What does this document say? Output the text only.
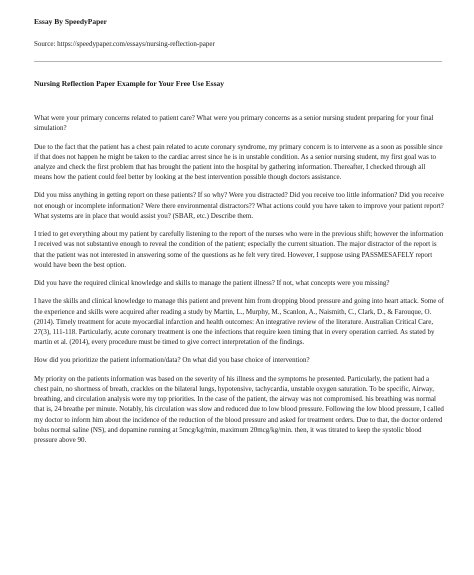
Essay By SpeedyPaper
Source: https://speedypaper.com/essays/nursing-reflection-paper
Nursing Reflection Paper Example for Your Free Use Essay

What were your primary concerns related to patient care? What were you primary concerns as a senior nursing student preparing for your final simulation?

Due to the fact that the patient has a chest pain related to acute coronary syndrome, my primary concern is to intervene as a soon as possible since if that does not happen he might be taken to the cardiac arrest since he is in unstable condition. As a senior nursing student, my first goal was to analyze and check the first problem that has brought the patient into the hospital by gathering information. Thereafter, I checked through all means how the patient could feel better by looking at the best intervention possible though doctors assistance.

Did you miss anything in getting report on these patients? If so why? Were you distracted? Did you receive too little information? Did you receive not enough or incomplete information? Were there environmental distractors?? What actions could you have taken to improve your patient report? What systems are in place that would assist you? (SBAR, etc.) Describe them.

I tried to get everything about my patient by carefully listening to the report of the nurses who were in the previous shift; however the information I received was not substantive enough to reveal the condition of the patient; especially the current situation. The major distractor of the report is that the patient was not interested in answering some of the questions as he felt very tired. However, I suppose using PASSMESAFELY report would have been the best option.

Did you have the required clinical knowledge and skills to manage the patient illness? If not, what concepts were you missing?

I have the skills and clinical knowledge to manage this patient and prevent him from dropping blood pressure and going into heart attack. Some of the experience and skills were acquired after reading a study by Martin, L., Murphy, M., Scanlon, A., Naismith, C., Clark, D., & Farouque, O. (2014). Timely treatment for acute myocardial infarction and health outcomes: An integrative review of the literature. Australian Critical Care, 27(3), 111-118. Particularly, acute coronary treatment is one the infections that require keen timing that in every operation carried. As stated by martin et al. (2014), every procedure must be timed to give correct interpretation of the findings.

How did you prioritize the patient information/data? On what did you base choice of intervention?

My priority on the patients information was based on the severity of his illness and the symptoms he presented. Particularly, the patient had a chest pain, no shortness of breath, crackles on the bilateral lungs, hypotensive, tachycardia, unstable oxygen saturation. To be specific, Airway, breathing, and circulation analysis were my top priorities. In the case of the patient, the airway was not compromised. his breathing was normal that is, 24 breathe per minute. Notably, his circulation was slow and reduced due to low blood pressure. Following the low blood pressure, I called my doctor to inform him about the incidence of the reduction of the blood pressure and asked for treatment orders. Due to that, the doctor ordered bolus normal saline (NS), and dopamine running at 5mcg/kg/min, maximum 20mcg/kg/min. then, it was titrated to keep the systolic blood pressure above 90.
